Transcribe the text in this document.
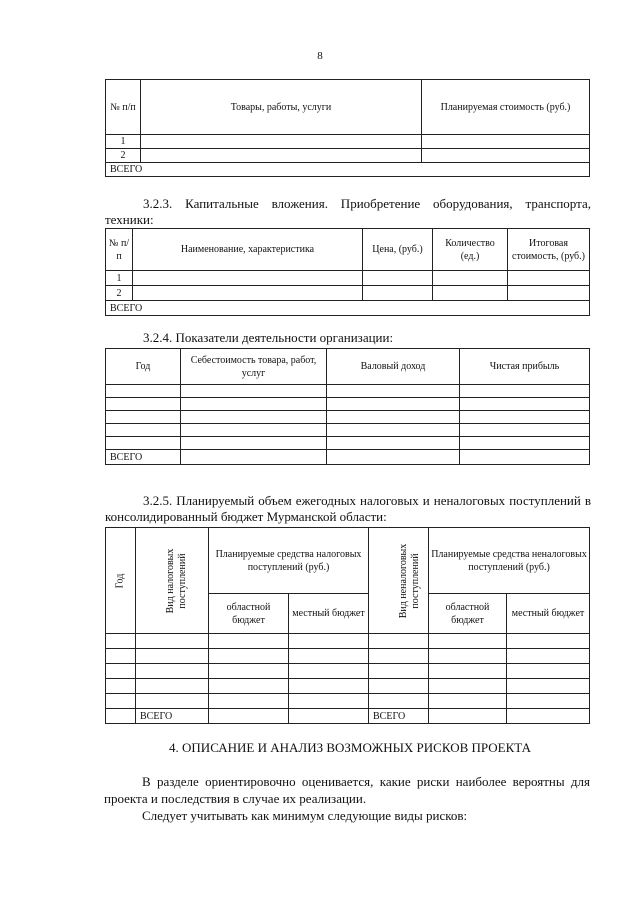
8
№ п/п	Товары, работы, услуги	Планируемая стоимость (руб.)
1		
2		
ВСЕГО		
3.2.3. Капитальные вложения. Приобретение оборудования, транспорта, техники:
№ п/п	Наименование, характеристика	Цена, (руб.)	Количество (ед.)	Итоговая стоимость, (руб.)
1				
2				
ВСЕГО				
3.2.4. Показатели деятельности организации:
Год	Себестоимость товара, работ, услуг	Валовый доход	Чистая прибыль

ВСЕГО			
3.2.5. Планируемый объем ежегодных налоговых и неналоговых поступлений в консолидированный бюджет Мурманской области:
Год	Вид налоговых поступлений	Планируемые средства налоговых поступлений (руб.)		Вид неналоговых поступлений	Планируемые средства неналоговых поступлений (руб.)	
		областной бюджет	местный бюджет		областной бюджет	местный бюджет

	ВСЕГО			ВСЕГО		
4. ОПИСАНИЕ И АНАЛИЗ ВОЗМОЖНЫХ РИСКОВ ПРОЕКТА
В разделе ориентировочно оценивается, какие риски наиболее вероятны для проекта и последствия в случае их реализации.
Следует учитывать как минимум следующие виды рисков:
